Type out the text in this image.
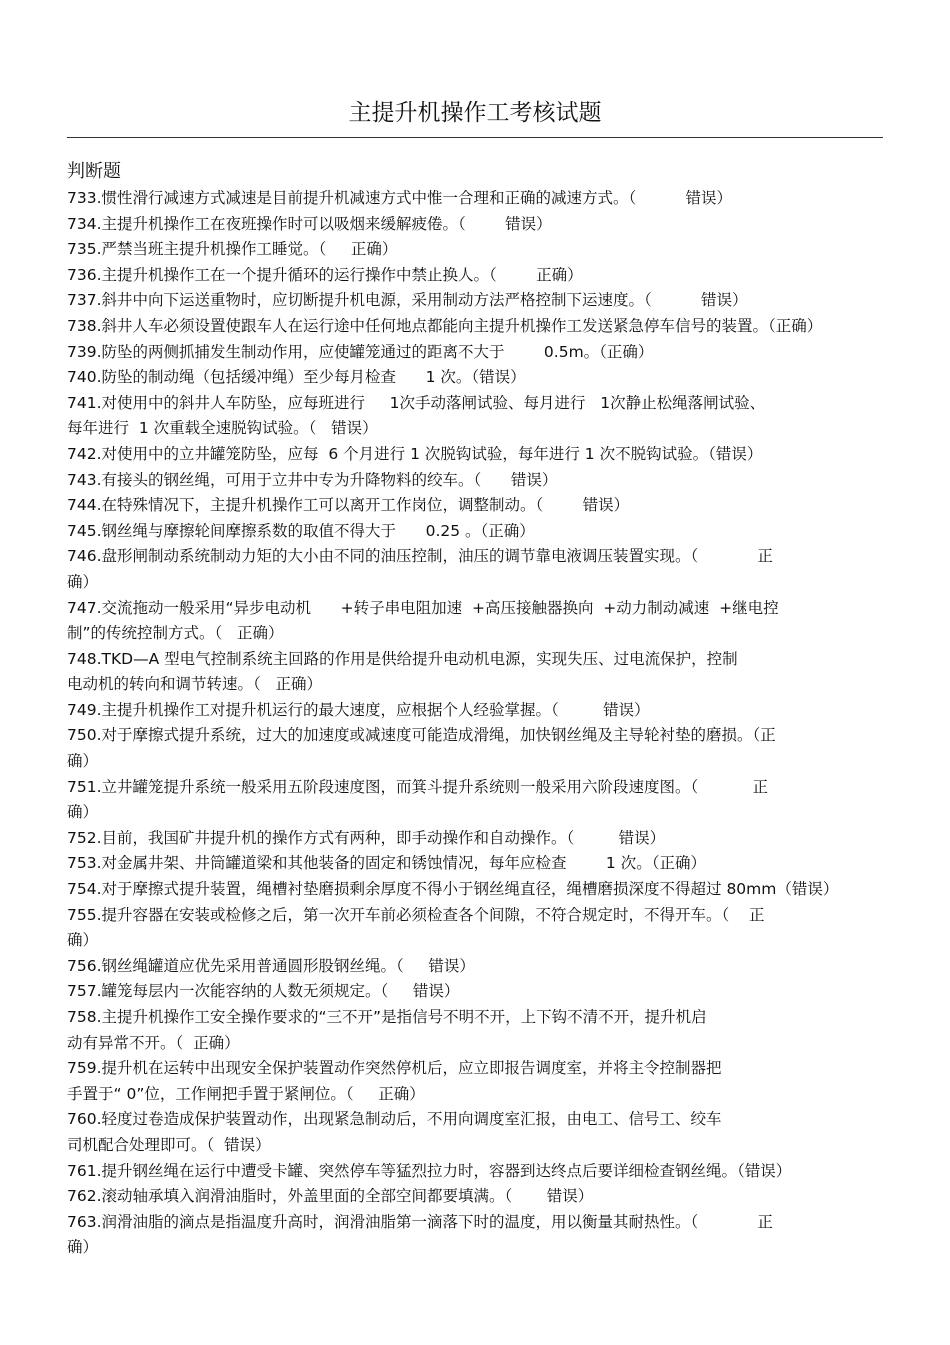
主提升机操作工考核试题
判断题
733.惯性滑行减速方式减速是目前提升机减速方式中惟一合理和正确的减速方式。（          错误）
734.主提升机操作工在夜班操作时可以吸烟来缓解疲倦。（        错误）
735.严禁当班主提升机操作工睡觉。（     正确）
736.主提升机操作工在一个提升循环的运行操作中禁止换人。（        正确）
737.斜井中向下运送重物时，应切断提升机电源，采用制动方法严格控制下运速度。（          错误）
738.斜井人车必须设置使跟车人在运行途中任何地点都能向主提升机操作工发送紧急停车信号的装置。（正确）
739.防坠的两侧抓捕发生制动作用，应使罐笼通过的距离不大于        0.5m。（正确）
740.防坠的制动绳（包括缓冲绳）至少每月检查      1 次。（错误）
741.对使用中的斜井人车防坠，应每班进行     1次手动落闸试验、每月进行   1次静止松绳落闸试验、
每年进行  1 次重载全速脱钩试验。（   错误）
742.对使用中的立井罐笼防坠，应每  6 个月进行 1 次脱钩试验，每年进行 1 次不脱钩试验。（错误）
743.有接头的钢丝绳，可用于立井中专为升降物料的绞车。（      错误）
744.在特殊情况下，主提升机操作工可以离开工作岗位，调整制动。（        错误）
745.钢丝绳与摩擦轮间摩擦系数的取值不得大于      0.25 。（正确）
746.盘形闸制动系统制动力矩的大小由不同的油压控制，油压的调节靠电液调压装置实现。（            正
确）
747.交流拖动一般采用“异步电动机      +转子串电阻加速  +高压接触器换向  +动力制动减速  +继电控
制”的传统控制方式。（   正确）
748.TKD—A 型电气控制系统主回路的作用是供给提升电动机电源，实现失压、过电流保护，控制
电动机的转向和调节转速。（   正确）
749.主提升机操作工对提升机运行的最大速度，应根据个人经验掌握。（         错误）
750.对于摩擦式提升系统，过大的加速度或减速度可能造成滑绳，加快钢丝绳及主导轮衬垫的磨损。（正
确）
751.立井罐笼提升系统一般采用五阶段速度图，而箕斗提升系统则一般采用六阶段速度图。（           正
确）
752.目前，我国矿井提升机的操作方式有两种，即手动操作和自动操作。（         错误）
753.对金属井架、井筒罐道梁和其他装备的固定和锈蚀情况，每年应检查        1 次。（正确）
754.对于摩擦式提升装置，绳槽衬垫磨损剩余厚度不得小于钢丝绳直径，绳槽磨损深度不得超过 80mm（错误）
755.提升容器在安装或检修之后，第一次开车前必须检查各个间隙，不符合规定时，不得开车。（    正
确）
756.钢丝绳罐道应优先采用普通圆形股钢丝绳。（     错误）
757.罐笼每层内一次能容纳的人数无须规定。（     错误）
758.主提升机操作工安全操作要求的“三不开”是指信号不明不开，上下钩不清不开，提升机启
动有异常不开。（  正确）
759.提升机在运转中出现安全保护装置动作突然停机后，应立即报告调度室，并将主令控制器把
手置于“ 0”位，工作闸把手置于紧闸位。（     正确）
760.轻度过卷造成保护装置动作，出现紧急制动后，不用向调度室汇报，由电工、信号工、绞车
司机配合处理即可。（  错误）
761.提升钢丝绳在运行中遭受卡罐、突然停车等猛烈拉力时，容器到达终点后要详细检查钢丝绳。（错误）
762.滚动轴承填入润滑油脂时，外盖里面的全部空间都要填满。（       错误）
763.润滑油脂的滴点是指温度升高时，润滑油脂第一滴落下时的温度，用以衡量其耐热性。（            正
确）
